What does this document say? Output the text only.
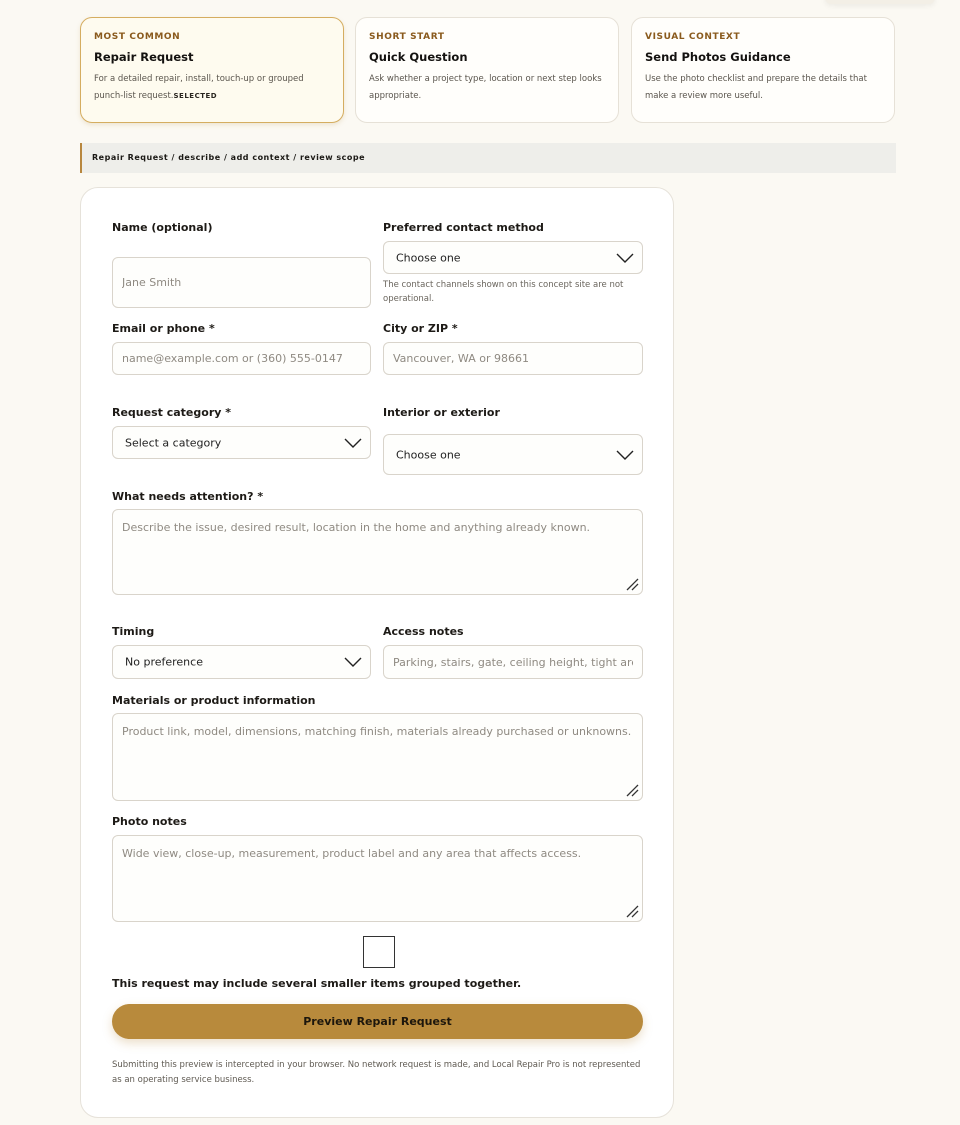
MOST COMMON
Repair Request
For a detailed repair, install, touch-up or grouped punch-list request.SELECTED
SHORT START
Quick Question
Ask whether a project type, location or next step looks appropriate.
VISUAL CONTEXT
Send Photos Guidance
Use the photo checklist and prepare the details that make a review more useful.
Repair Request / describe / add context / review scope
Name (optional)
Jane Smith	Preferred contact method
Choose one
The contact channels shown on this concept site are not operational.
Email or phone *
name@example.com or (360) 555-0147	City or ZIP *
Vancouver, WA or 98661
Request category *
Select a category
Interior or exterior
Choose one
What needs attention? *
Describe the issue, desired result, location in the home and anything already known.
Timing
No preference
Access notes
Parking, stairs, gate, ceiling height, tight area
Materials or product information
Product link, model, dimensions, matching finish, materials already purchased or unknowns.
Photo notes
Wide view, close-up, measurement, product label and any area that affects access.
This request may include several smaller items grouped together.
Preview Repair Request
Submitting this preview is intercepted in your browser. No network request is made, and Local Repair Pro is not represented as an operating service business.
